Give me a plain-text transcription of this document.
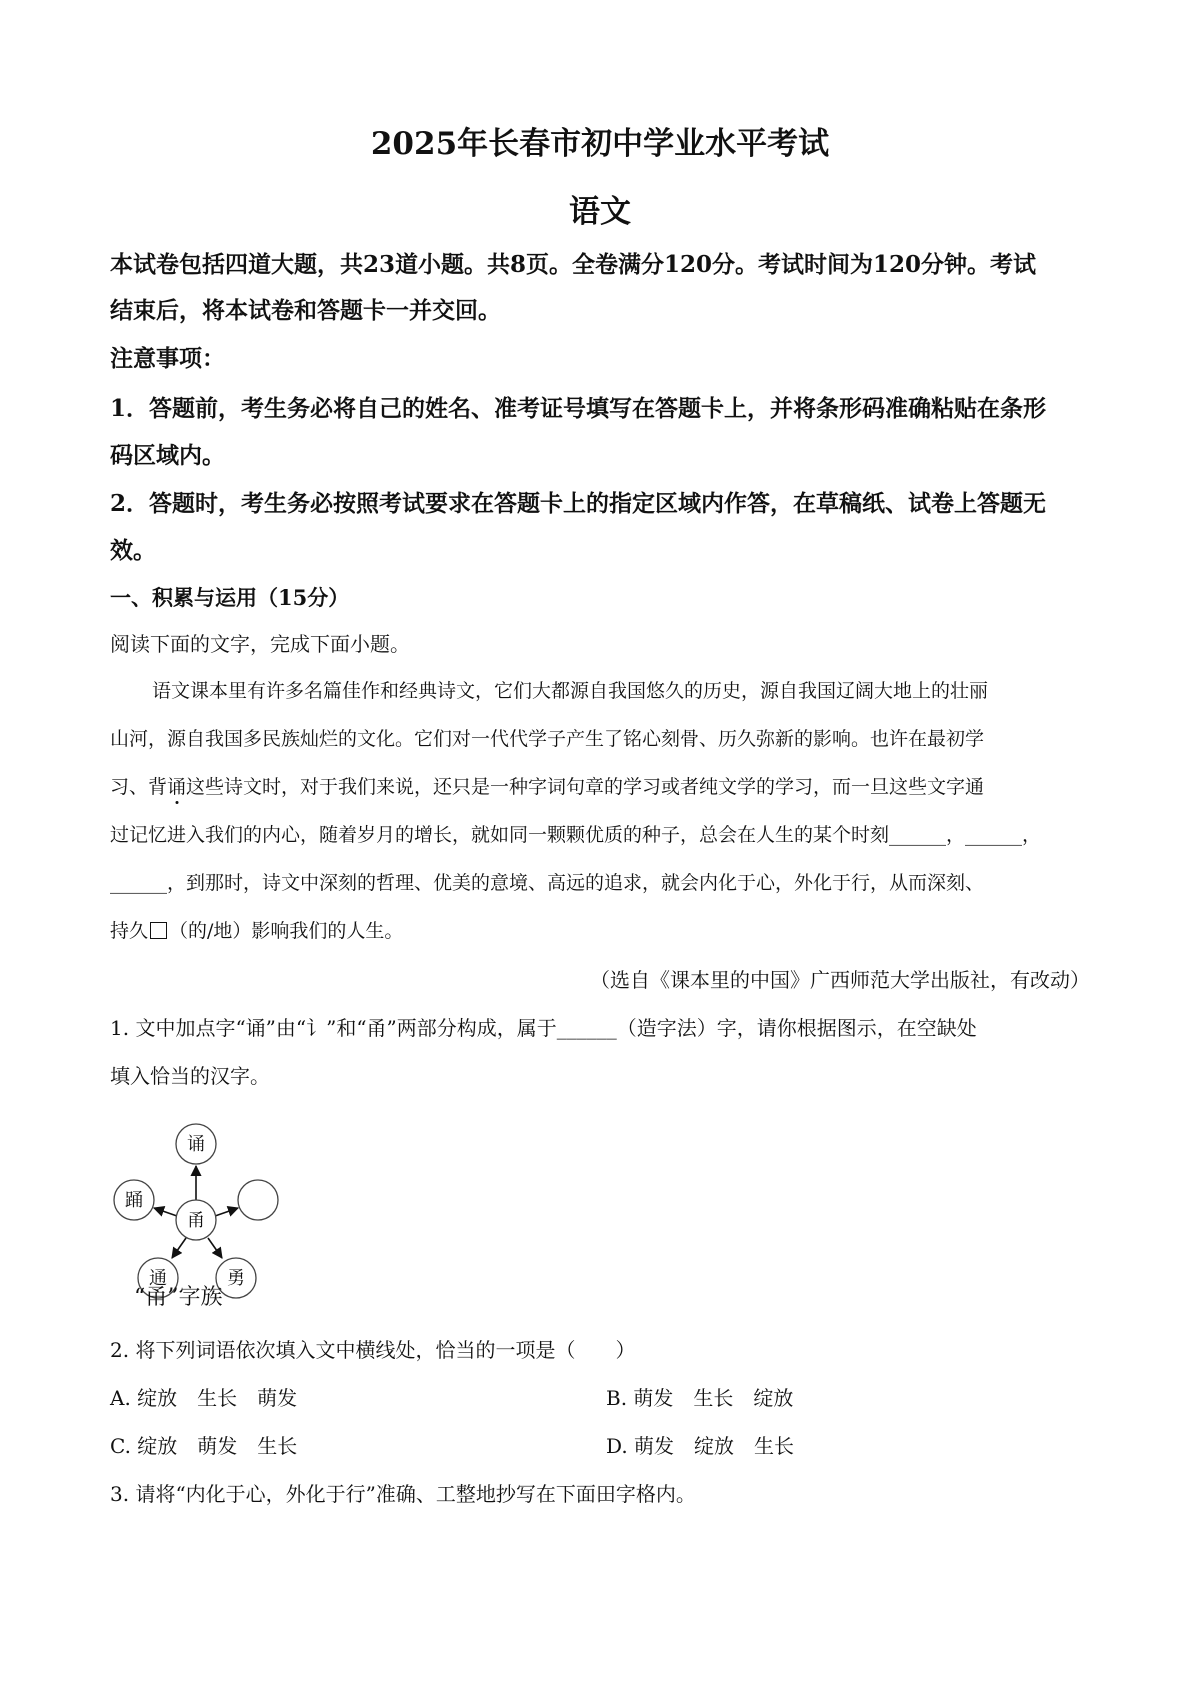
2025年长春市初中学业水平考试
语文
本试卷包括四道大题，共23道小题。共8页。全卷满分120分。考试时间为120分钟。考试
结束后，将本试卷和答题卡一并交回。
注意事项：
1．答题前，考生务必将自己的姓名、准考证号填写在答题卡上，并将条形码准确粘贴在条形
码区域内。
2．答题时，考生务必按照考试要求在答题卡上的指定区域内作答，在草稿纸、试卷上答题无
效。
一、积累与运用（15分）
阅读下面的文字，完成下面小题。
语文课本里有许多名篇佳作和经典诗文，它们大都源自我国悠久的历史，源自我国辽阔大地上的壮丽
山河，源自我国多民族灿烂的文化。它们对一代代学子产生了铭心刻骨、历久弥新的影响。也许在最初学
习、背诵这些诗文时，对于我们来说，还只是一种字词句章的学习或者纯文学的学习，而一旦这些文字通
过记忆进入我们的内心，随着岁月的增长，就如同一颗颗优质的种子，总会在人生的某个时刻______，______，
______，到那时，诗文中深刻的哲理、优美的意境、高远的追求，就会内化于心，外化于行，从而深刻、
持久 （的/地）影响我们的人生。
（选自《课本里的中国》广西师范大学出版社，有改动）
1. 文中加点字“诵”由“讠”和“甬”两部分构成，属于______（造字法）字，请你根据图示，在空缺处
填入恰当的汉字。
甬
诵
踊
通	勇
“甬”字族
2. 将下列词语依次填入文中横线处，恰当的一项是（　　）
A. 绽放　生长　萌发	B. 萌发　生长　绽放
C. 绽放　萌发　生长	D. 萌发　绽放　生长
3. 请将“内化于心，外化于行”准确、工整地抄写在下面田字格内。
